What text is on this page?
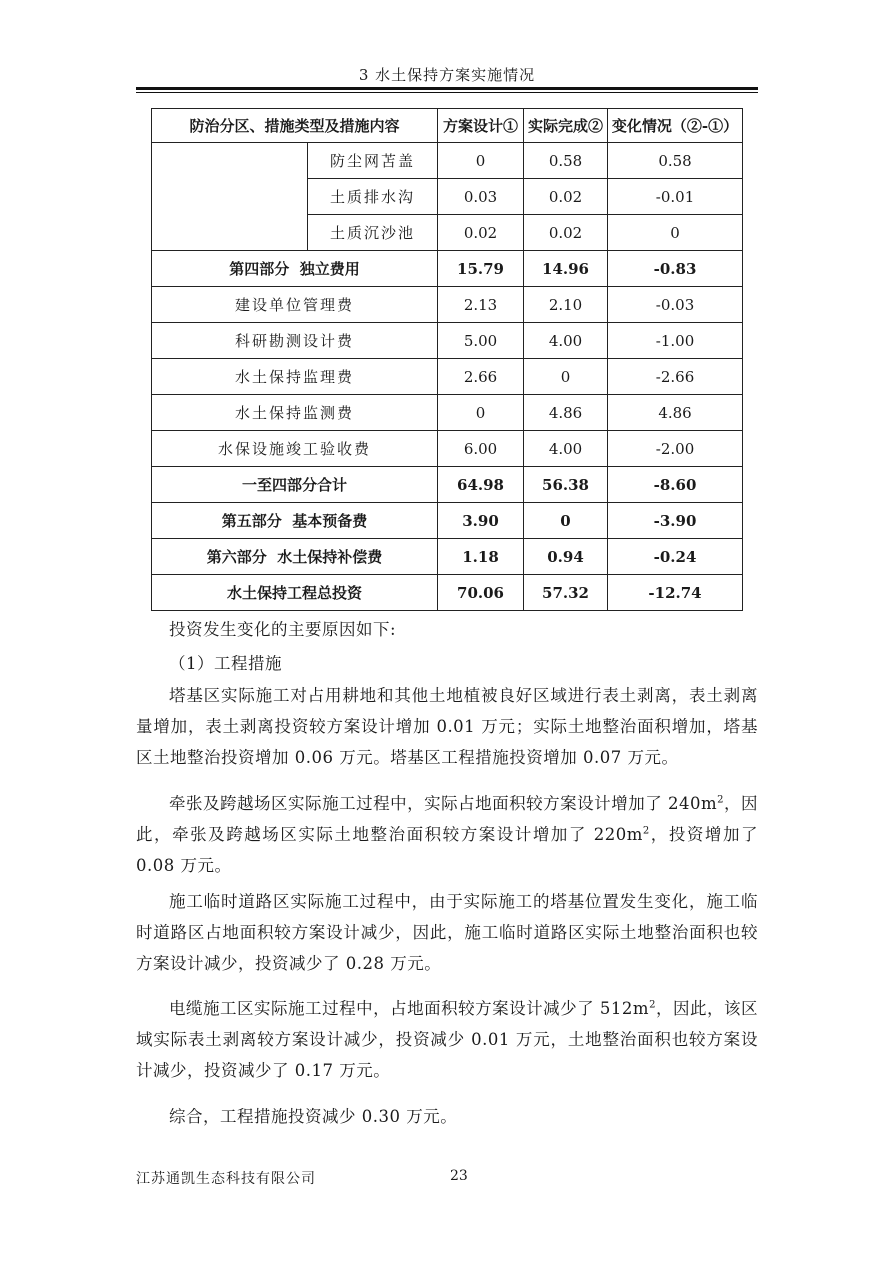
3 水土保持方案实施情况
防治分区、措施类型及措施内容		方案设计①	实际完成②	变化情况（②-①）
	防尘网苫盖	0	0.58	0.58
	土质排水沟	0.03	0.02	-0.01
	土质沉沙池	0.02	0.02	0
第四部分  独立费用		15.79	14.96	-0.83
建设单位管理费		2.13	2.10	-0.03
科研勘测设计费		5.00	4.00	-1.00
水土保持监理费		2.66	0	-2.66
水土保持监测费		0	4.86	4.86
水保设施竣工验收费		6.00	4.00	-2.00
一至四部分合计		64.98	56.38	-8.60
第五部分  基本预备费		3.90	0	-3.90
第六部分  水土保持补偿费		1.18	0.94	-0.24
水土保持工程总投资		70.06	57.32	-12.74
投资发生变化的主要原因如下:
（1）工程措施
塔基区实际施工对占用耕地和其他土地植被良好区域进行表土剥离，表土剥离量增加，表土剥离投资较方案设计增加 0.01 万元；实际土地整治面积增加，塔基区土地整治投资增加 0.06 万元。塔基区工程措施投资增加 0.07 万元。
牵张及跨越场区实际施工过程中，实际占地面积较方案设计增加了 $240m^2$，因此，牵张及跨越场区实际土地整治面积较方案设计增加了 $220m^2$，投资增加了 0.08 万元。
施工临时道路区实际施工过程中，由于实际施工的塔基位置发生变化，施工临时道路区占地面积较方案设计减少，因此，施工临时道路区实际土地整治面积也较方案设计减少，投资减少了 0.28 万元。
电缆施工区实际施工过程中，占地面积较方案设计减少了 $512m^2$，因此，该区域实际表土剥离较方案设计减少，投资减少 0.01 万元，土地整治面积也较方案设计减少，投资减少了 0.17 万元。
综合，工程措施投资减少 0.30 万元。
江苏通凯生态科技有限公司	23
